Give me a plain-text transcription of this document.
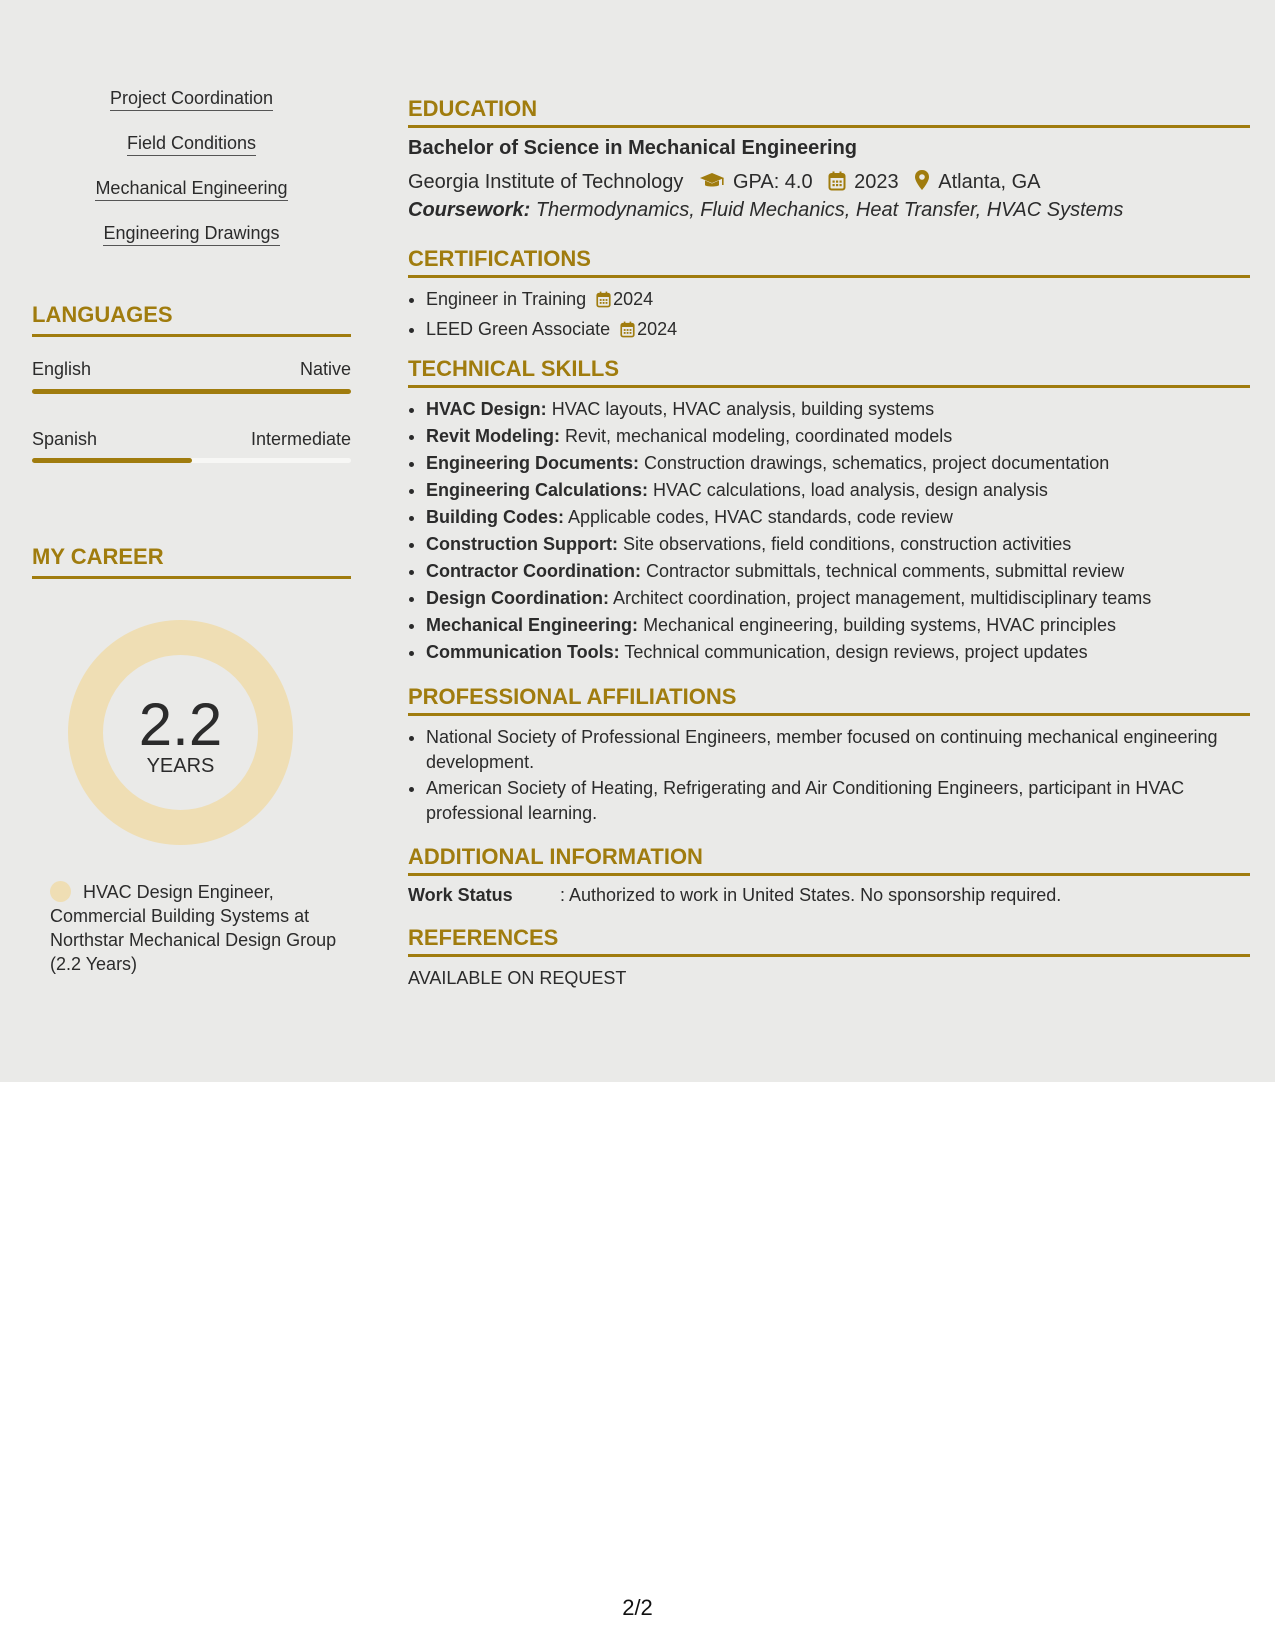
Project Coordination
Field Conditions
Mechanical Engineering
Engineering Drawings
LANGUAGES
English	Native
Spanish	Intermediate
MY CAREER
2.2
YEARS
HVAC Design Engineer, Commercial Building Systems at Northstar Mechanical Design Group (2.2 Years)
EDUCATION
Bachelor of Science in Mechanical Engineering
Georgia Institute of Technology GPA: 4.0 2023 Atlanta, GA
Coursework: Thermodynamics, Fluid Mechanics, Heat Transfer, HVAC Systems
CERTIFICATIONS
• Engineer in Training 2024
• LEED Green Associate 2024
TECHNICAL SKILLS
• HVAC Design: HVAC layouts, HVAC analysis, building systems
• Revit Modeling: Revit, mechanical modeling, coordinated models
• Engineering Documents: Construction drawings, schematics, project documentation
• Engineering Calculations: HVAC calculations, load analysis, design analysis
• Building Codes: Applicable codes, HVAC standards, code review
• Construction Support: Site observations, field conditions, construction activities
• Contractor Coordination: Contractor submittals, technical comments, submittal review
• Design Coordination: Architect coordination, project management, multidisciplinary teams
• Mechanical Engineering: Mechanical engineering, building systems, HVAC principles
• Communication Tools: Technical communication, design reviews, project updates
PROFESSIONAL AFFILIATIONS
• National Society of Professional Engineers, member focused on continuing mechanical engineering development.
• American Society of Heating, Refrigerating and Air Conditioning Engineers, participant in HVAC professional learning.
ADDITIONAL INFORMATION
Work Status	: Authorized to work in United States. No sponsorship required.
REFERENCES
AVAILABLE ON REQUEST
2/2
